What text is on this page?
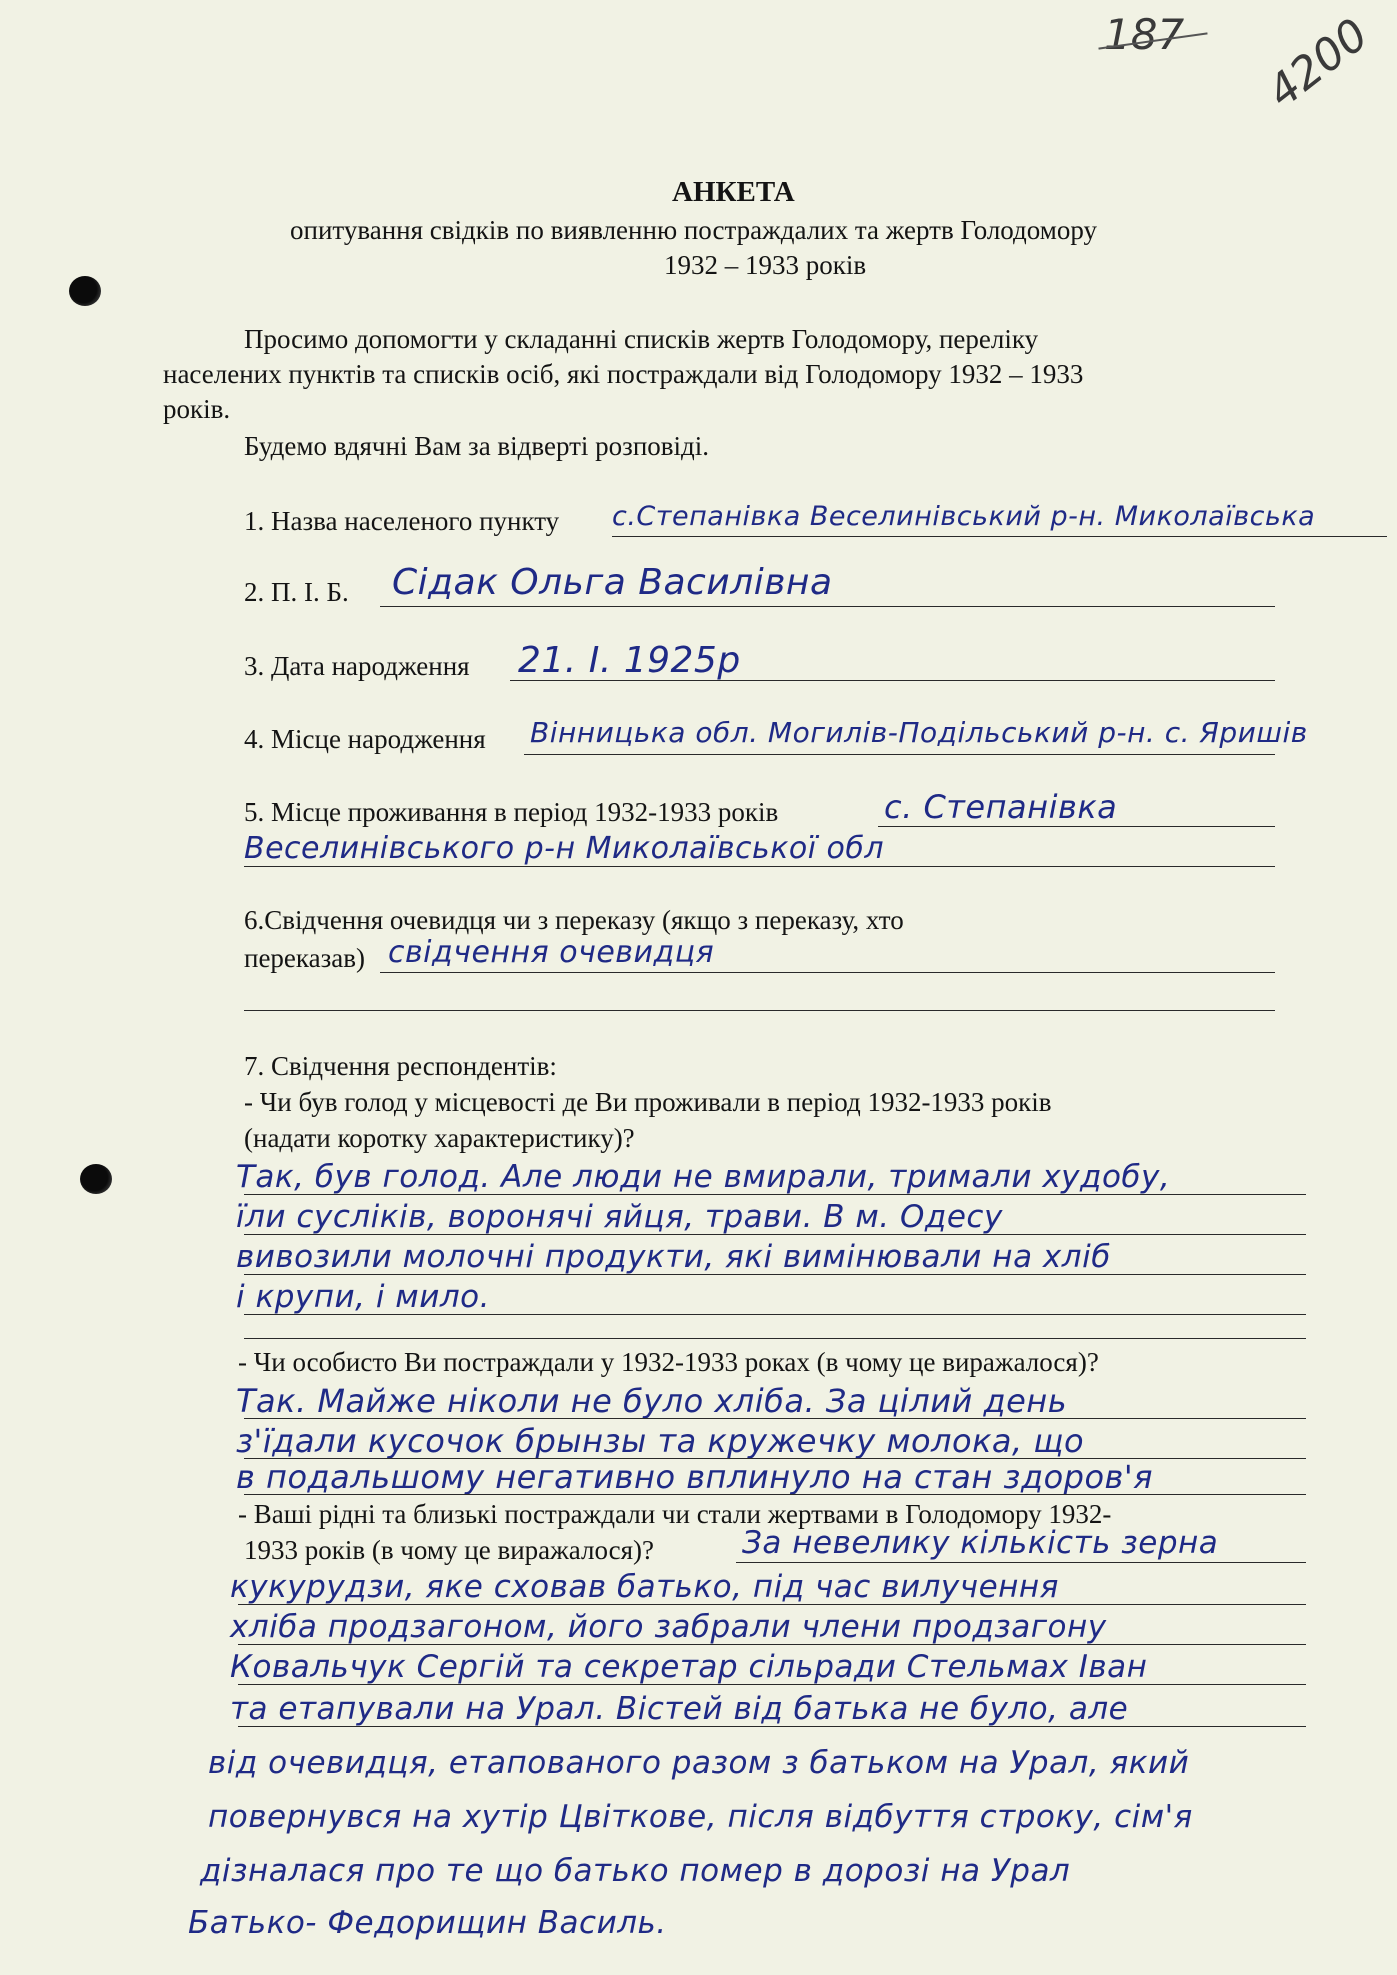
187 4200
АНКЕТА
опитування свідків по виявленню постраждалих та жертв Голодомору
1932 – 1933 років
Просимо допомогти у складанні списків жертв Голодомору, переліку
населених пунктів та списків осіб, які постраждали від Голодомору 1932 – 1933
років.
Будемо вдячні Вам за відверті розповіді.
1. Назва населеного пункту с.Степанівка Веселинівський р-н. Миколаївська
2. П. І. Б. Сідак Ольга Василівна
3. Дата народження 21. I. 1925р
4. Місце народження Вінницька обл. Могилів-Подільський р-н. с. Яришів
5. Місце проживання в період 1932-1933 років	с. Степанівка
Веселинівського р-н Миколаївської обл
6.Свідчення очевидця чи з переказу (якщо з переказу, хто
переказав) свідчення очевидця
7. Свідчення респондентів:
- Чи був голод у місцевості де Ви проживали в період 1932-1933 років
(надати коротку характеристику)?
Так, був голод. Але люди не вмирали, тримали худобу,
їли сусліків, воронячі яйця, трави. В м. Одесу
вивозили молочні продукти, які вимінювали на хліб
і крупи, і мило.
- Чи особисто Ви постраждали у 1932-1933 роках (в чому це виражалося)?
Так. Майже ніколи не було хліба. За цілий день
з'їдали кусочок брынзы та кружечку молока, що
в подальшому негативно вплинуло на стан здоров'я
- Ваші рідні та близькі постраждали чи стали жертвами в Голодомору 1932-
1933 років (в чому це виражалося)?	За невелику кількість зерна
кукурудзи, яке сховав батько, під час вилучення
хліба продзагоном, його забрали члени продзагону
Ковальчук Сергій та секретар сільради Стельмах Іван
та етапували на Урал. Вістей від батька не було, але
від очевидця, етапованого разом з батьком на Урал, який
повернувся на хутір Цвіткове, після відбуття строку, сім'я
дізналася про те що батько помер в дорозі на Урал
Батько- Федорищин Василь.
